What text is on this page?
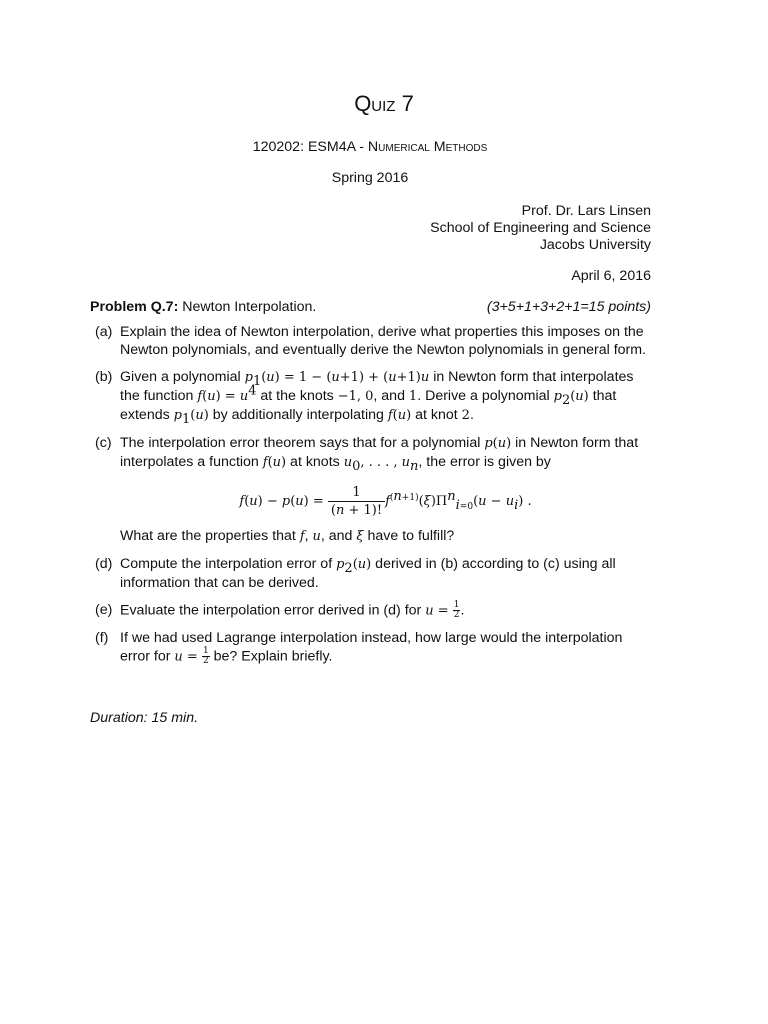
Quiz 7
120202: ESM4A - Numerical Methods
Spring 2016
Prof. Dr. Lars Linsen
School of Engineering and Science
Jacobs University
April 6, 2016
Problem Q.7: Newton Interpolation.	(3+5+1+3+2+1=15 points)
(a) Explain the idea of Newton interpolation, derive what properties this imposes on the Newton polynomials, and eventually derive the Newton polynomials in general form.

(b) Given a polynomial $p_1(u) = 1 - (u+1) + (u+1)u$ in Newton form that interpolates the function $f(u) = u^4$ at the knots −1, 0, and 1. Derive a polynomial $p_2(u)$ that extends $p_1(u)$ by additionally interpolating f(u) at knot 2.

(c) The interpolation error theorem says that for a polynomial p(u) in Newton form that interpolates a function f(u) at knots $u_0$, . . . , $u_n$, the error is given by

$f(u) - p(u) = \frac{1}{(n + 1)!} f^{(n+1)}(\xi)\Pi^n_{i=0}(u - u_i)$ .

What are the properties that f, u, and ξ have to fulfill?

(d) Compute the interpolation error of $p_2(u)$ derived in (b) according to (c) using all information that can be derived.

(e) Evaluate the interpolation error derived in (d) for $u = \frac{1}{2}$ .

(f) If we had used Lagrange interpolation instead, how large would the interpolation error for $u = \frac{1}{2}$ be? Explain briefly.

Duration: 15 min.
